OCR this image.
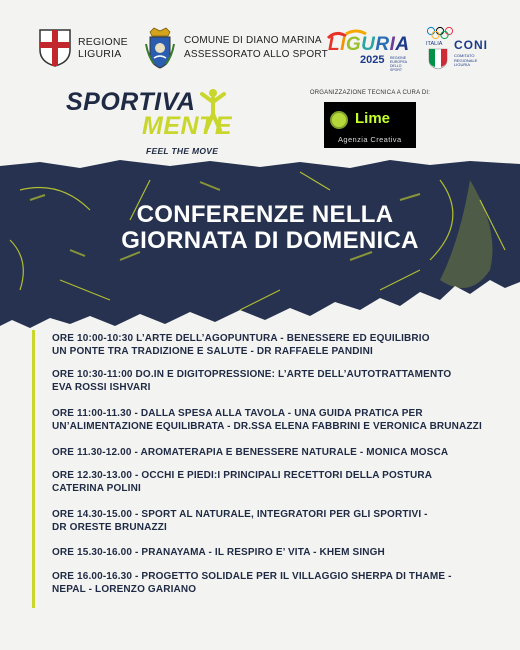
REGIONE
LIGURIA
COMUNE DI DIANO MARINA
ASSESSORATO ALLO SPORT LIGURIA
2025 REGIONE EUROPEA DELLO SPORT
ITALIA CONI
COMITATO REGIONALE LIGURIA
SPORTIVA
MENTE
FEEL THE MOVE
ORGANIZZAZIONE TECNICA A CURA DI:
Lime
Agenzia Creativa
CONFERENZE NELLA
GIORNATA DI DOMENICA
ORE 10:00-10:30 L’ARTE DELL’AGOPUNTURA - BENESSERE ED EQUILIBRIO
UN PONTE TRA TRADIZIONE E SALUTE - DR RAFFAELE PANDINI
ORE 10:30-11:00 DO.IN E DIGITOPRESSIONE: L’ARTE DELL’AUTOTRATTAMENTO
EVA ROSSI ISHVARI
ORE 11:00-11.30 - DALLA SPESA ALLA TAVOLA - UNA GUIDA PRATICA PER
UN’ALIMENTAZIONE EQUILIBRATA - DR.SSA ELENA FABBRINI E VERONICA BRUNAZZI
ORE 11.30-12.00 - AROMATERAPIA E BENESSERE NATURALE - MONICA MOSCA
ORE 12.30-13.00 - OCCHI E PIEDI:I PRINCIPALI RECETTORI DELLA POSTURA
CATERINA POLINI
ORE 14.30-15.00 - SPORT AL NATURALE, INTEGRATORI PER GLI SPORTIVI -
DR ORESTE BRUNAZZI
ORE 15.30-16.00 - PRANAYAMA - IL RESPIRO E’ VITA - KHEM SINGH
ORE 16.00-16.30 - PROGETTO SOLIDALE PER IL VILLAGGIO SHERPA DI THAME -
NEPAL - LORENZO GARIANO
